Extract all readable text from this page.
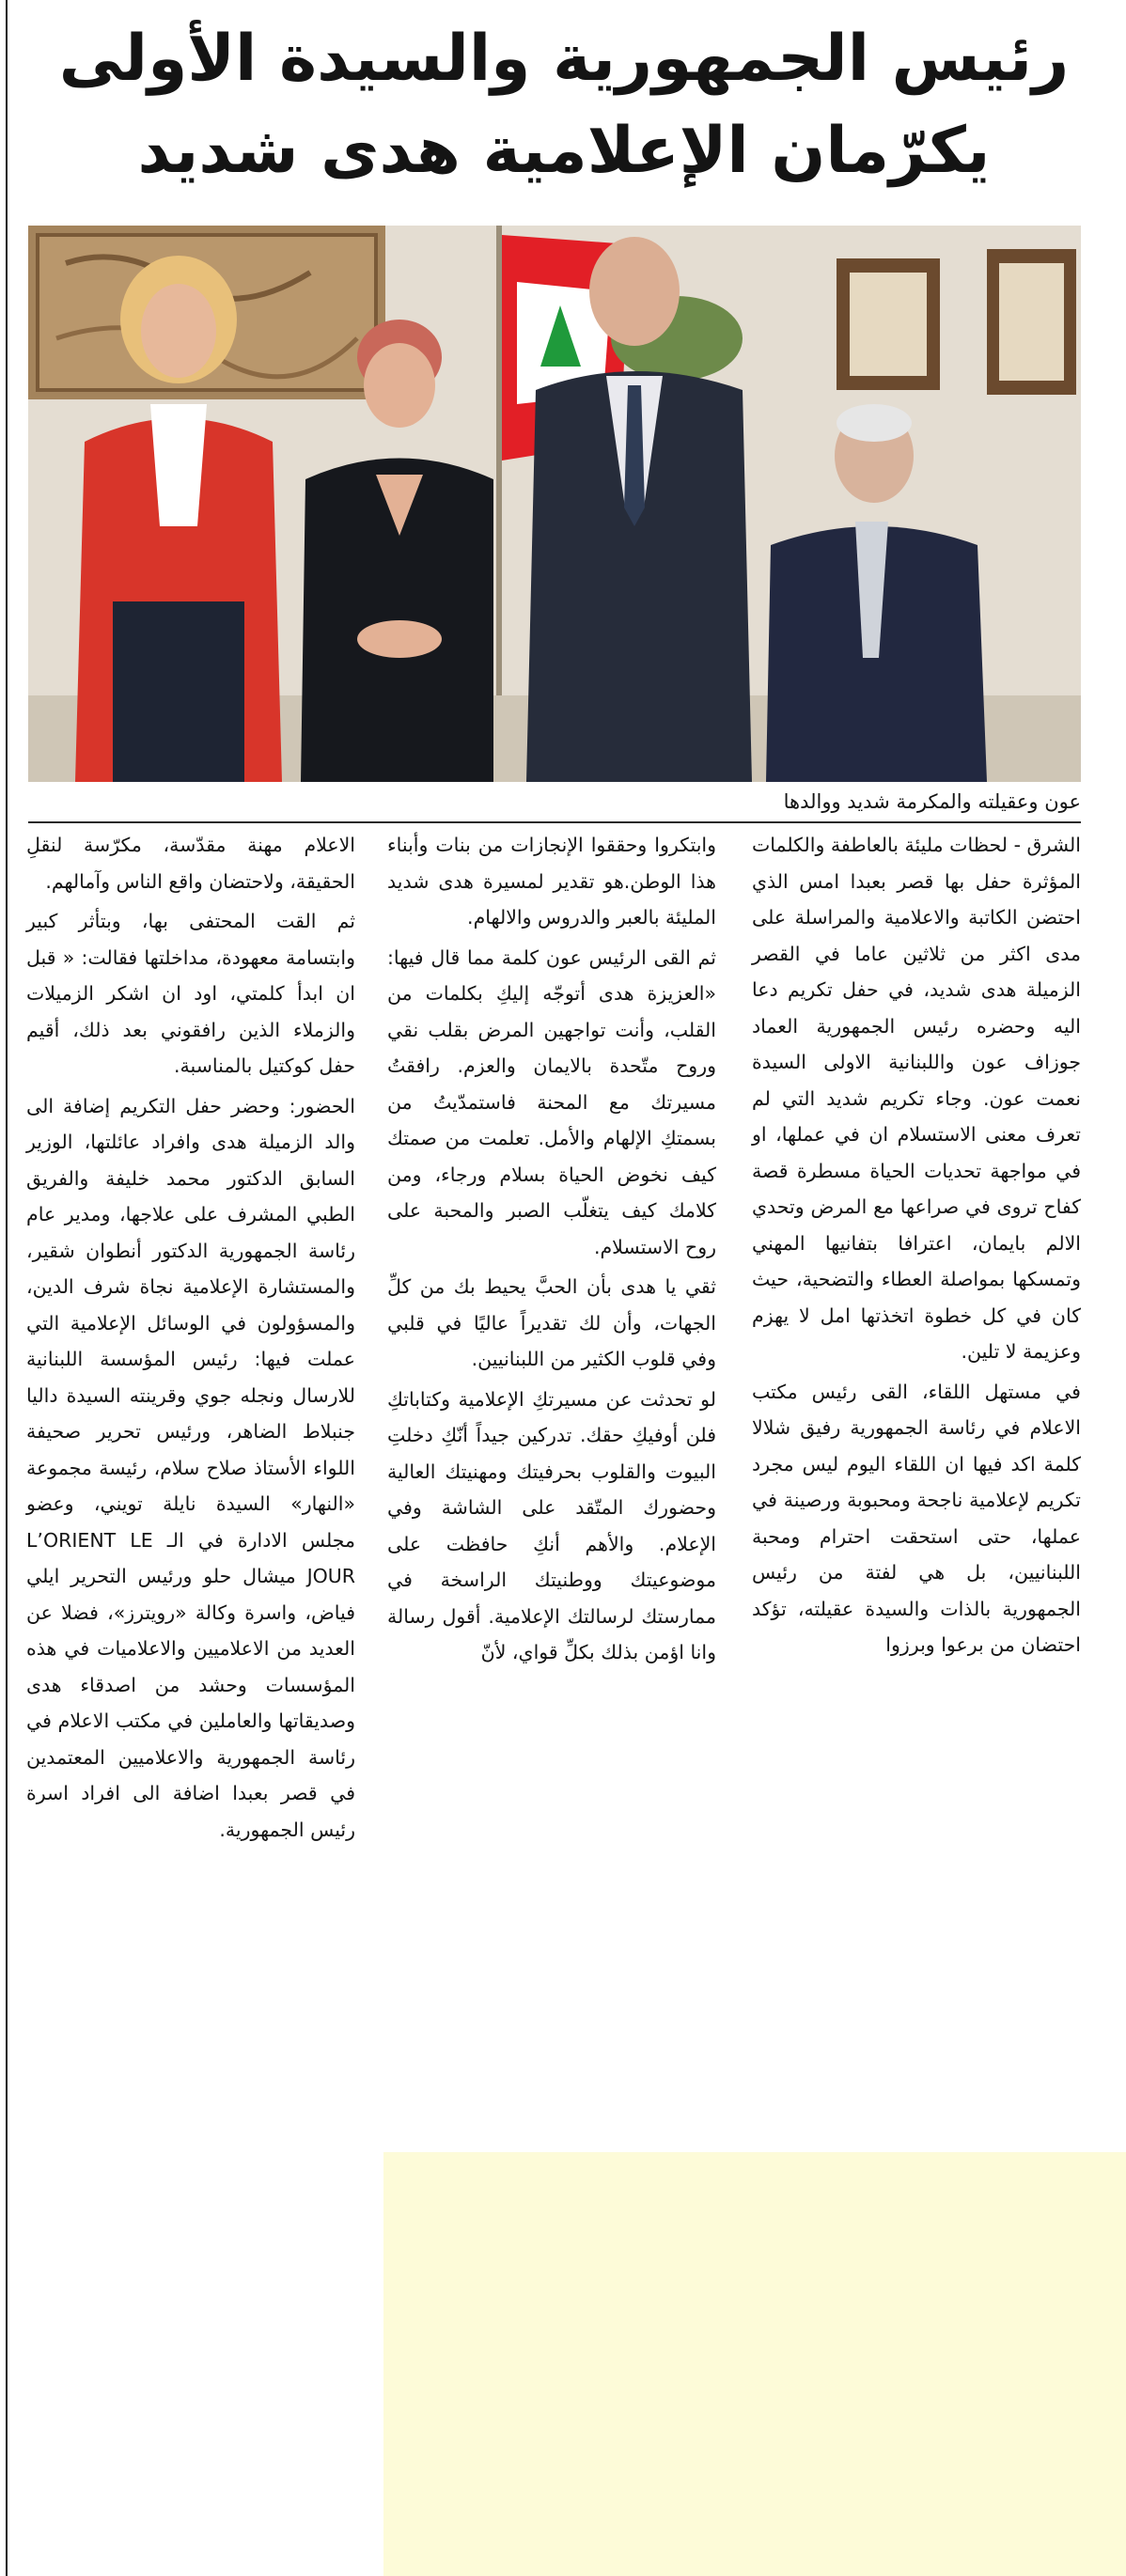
رئيس الجمهورية والسيدة الأولى
يكرّمان الإعلامية هدى شديد

عون وعقيلته والمكرمة شديد ووالدها

الشرق - لحظات مليئة بالعاطفة والكلمات المؤثرة حفل بها قصر بعبدا امس الذي احتضن الكاتبة والاعلامية والمراسلة على مدى اكثر من ثلاثين عاما في القصر الزميلة هدى شديد، في حفل تكريم دعا اليه وحضره رئيس الجمهورية العماد جوزاف عون واللبنانية الاولى السيدة نعمت عون. وجاء تكريم شديد التي لم تعرف معنى الاستسلام ان في عملها، او في مواجهة تحديات الحياة مسطرة قصة كفاح تروى في صراعها مع المرض وتحدي الالم بايمان، اعترافا بتفانيها المهني وتمسكها بمواصلة العطاء والتضحية، حيث كان في كل خطوة اتخذتها امل لا يهزم وعزيمة لا تلين.

في مستهل اللقاء، القى رئيس مكتب الاعلام في رئاسة الجمهورية رفيق شلالا كلمة اكد فيها ان اللقاء اليوم ليس مجرد تكريم لإعلامية ناجحة ومحبوبة ورصينة في عملها، حتى استحقت احترام ومحبة اللبنانيين، بل هي لفتة من رئيس الجمهورية بالذات والسيدة عقيلته، تؤكد احتضان من برعوا وبرزوا

وابتكروا وحققوا الإنجازات من بنات وأبناء هذا الوطن.هو تقدير لمسيرة هدى شديد المليئة بالعبر والدروس والالهام.

ثم القى الرئيس عون كلمة مما قال فيها: «العزيزة هدى أتوجّه إليكِ بكلمات من القلب، وأنت تواجهين المرض بقلب نقي وروح متّحدة بالايمان والعزم. رافقتُ مسيرتك مع المحنة فاستمدّيتُ من بسمتكِ الإلهام والأمل. تعلمت من صمتك كيف نخوض الحياة بسلام ورجاء، ومن كلامك كيف يتغلّب الصبر والمحبة على روح الاستسلام.

ثقي يا هدى بأن الحبَّ يحيط بك من كلِّ الجهات، وأن لك تقديراً عاليًا في قلبي وفي قلوب الكثير من اللبنانيين.

لو تحدثت عن مسيرتكِ الإعلامية وكتاباتكِ فلن أوفيكِ حقك. تدركين جيداً أنّكِ دخلتِ البيوت والقلوب بحرفيتك ومهنيتك العالية وحضورك المتّقد على الشاشة وفي الإعلام. والأهم أنكِ حافظت على موضوعيتك ووطنيتك الراسخة في ممارستك لرسالتك الإعلامية. أقول رسالة وانا اؤمن بذلك بكلِّ قواي، لأنّ

الاعلام مهنة مقدّسة، مكرّسة لنقلِ الحقيقة، ولاحتضان واقع الناس وآمالهم.

ثم القت المحتفى بها، وبتأثر كبير وابتسامة معهودة، مداخلتها فقالت: « قبل ان ابدأ كلمتي، اود ان اشكر الزميلات والزملاء الذين رافقوني بعد ذلك، أقيم حفل كوكتيل بالمناسبة.

الحضور: وحضر حفل التكريم إضافة الى والد الزميلة هدى وافراد عائلتها، الوزير السابق الدكتور محمد خليفة والفريق الطبي المشرف على علاجها، ومدير عام رئاسة الجمهورية الدكتور أنطوان شقير، والمستشارة الإعلامية نجاة شرف الدين، والمسؤولون في الوسائل الإعلامية التي عملت فيها: رئيس المؤسسة اللبنانية للارسال ونجله جوي وقرينته السيدة داليا جنبلاط الضاهر، ورئيس تحرير صحيفة اللواء الأستاذ صلاح سلام، رئيسة مجموعة «النهار» السيدة نايلة تويني، وعضو مجلس الادارة في الـ L’ORIENT LE JOUR ميشال حلو ورئيس التحرير ايلي فياض، واسرة وكالة «رويترز»، فضلا عن العديد من الاعلاميين والاعلاميات في هذه المؤسسات وحشد من اصدقاء هدى وصديقاتها والعاملين في مكتب الاعلام في رئاسة الجمهورية والاعلاميين المعتمدين في قصر بعبدا اضافة الى افراد اسرة رئيس الجمهورية.
